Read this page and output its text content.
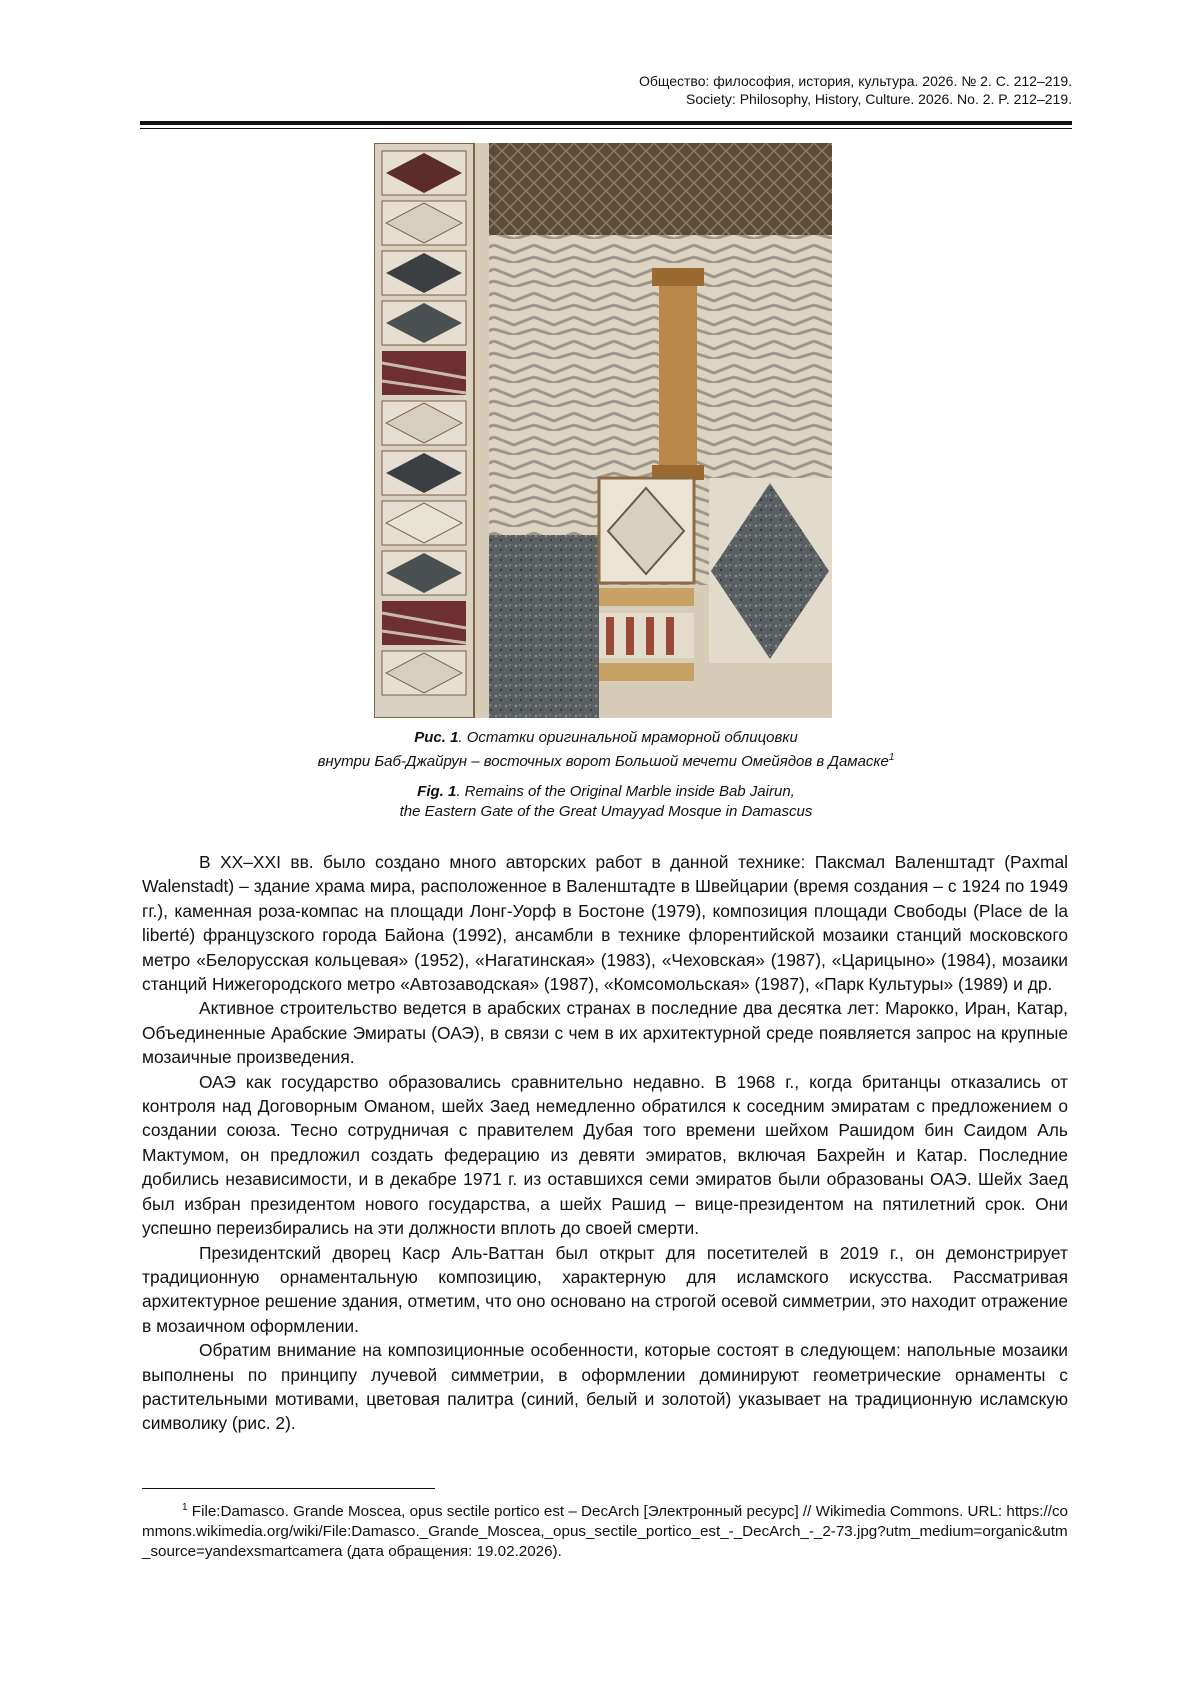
Общество: философия, история, культура. 2026. № 2. С. 212–219.
Society: Philosophy, History, Culture. 2026. No. 2. P. 212–219.
Рис. 1. Остатки оригинальной мраморной облицовки
внутри Баб-Джайрун – восточных ворот Большой мечети Омейядов в Дамаске$^1$
Fig. 1. Remains of the Original Marble inside Bab Jairun,
the Eastern Gate of the Great Umayyad Mosque in Damascus

В XX–XXI вв. было создано много авторских работ в данной технике: Паксмал Валенштадт (Paxmal Walenstadt) – здание храма мира, расположенное в Валенштадте в Швейцарии (время создания – с 1924 по 1949 гг.), каменная роза-компас на площади Лонг-Уорф в Бостоне (1979), композиция площади Свободы (Place de la liberté) французского города Байона (1992), ансамбли в технике флорентийской мозаики станций московского метро «Белорусская кольцевая» (1952), «Нагатинская» (1983), «Чеховская» (1987), «Царицыно» (1984), мозаики станций Нижегородского метро «Автозаводская» (1987), «Комсомольская» (1987), «Парк Культуры» (1989) и др.

Активное строительство ведется в арабских странах в последние два десятка лет: Марокко, Иран, Катар, Объединенные Арабские Эмираты (ОАЭ), в связи с чем в их архитектурной среде появляется запрос на крупные мозаичные произведения.

ОАЭ как государство образовались сравнительно недавно. В 1968 г., когда британцы отказались от контроля над Договорным Оманом, шейх Заед немедленно обратился к соседним эмиратам с предложением о создании союза. Тесно сотрудничая с правителем Дубая того времени шейхом Рашидом бин Саидом Аль Мактумом, он предложил создать федерацию из девяти эмиратов, включая Бахрейн и Катар. Последние добились независимости, и в декабре 1971 г. из оставшихся семи эмиратов были образованы ОАЭ. Шейх Заед был избран президентом нового государства, а шейх Рашид – вице-президентом на пятилетний срок. Они успешно переизбирались на эти должности вплоть до своей смерти.

Президентский дворец Каср Аль-Ваттан был открыт для посетителей в 2019 г., он демонстрирует традиционную орнаментальную композицию, характерную для исламского искусства. Рассматривая архитектурное решение здания, отметим, что оно основано на строгой осевой симметрии, это находит отражение в мозаичном оформлении.

Обратим внимание на композиционные особенности, которые состоят в следующем: напольные мозаики выполнены по принципу лучевой симметрии, в оформлении доминируют геометрические орнаменты с растительными мотивами, цветовая палитра (синий, белый и золотой) указывает на традиционную исламскую символику (рис. 2).

$^1$ File:Damasco. Grande Moscea, opus sectile portico est – DecArch [Электронный ресурс] // Wikimedia Commons. URL: https://commons.wikimedia.org/wiki/File:Damasco._Grande_Moscea,_opus_sectile_portico_est_-_DecArch_-_2-73.jpg?utm_medium=organic&utm_source=yandexsmartcamera (дата обращения: 19.02.2026).
